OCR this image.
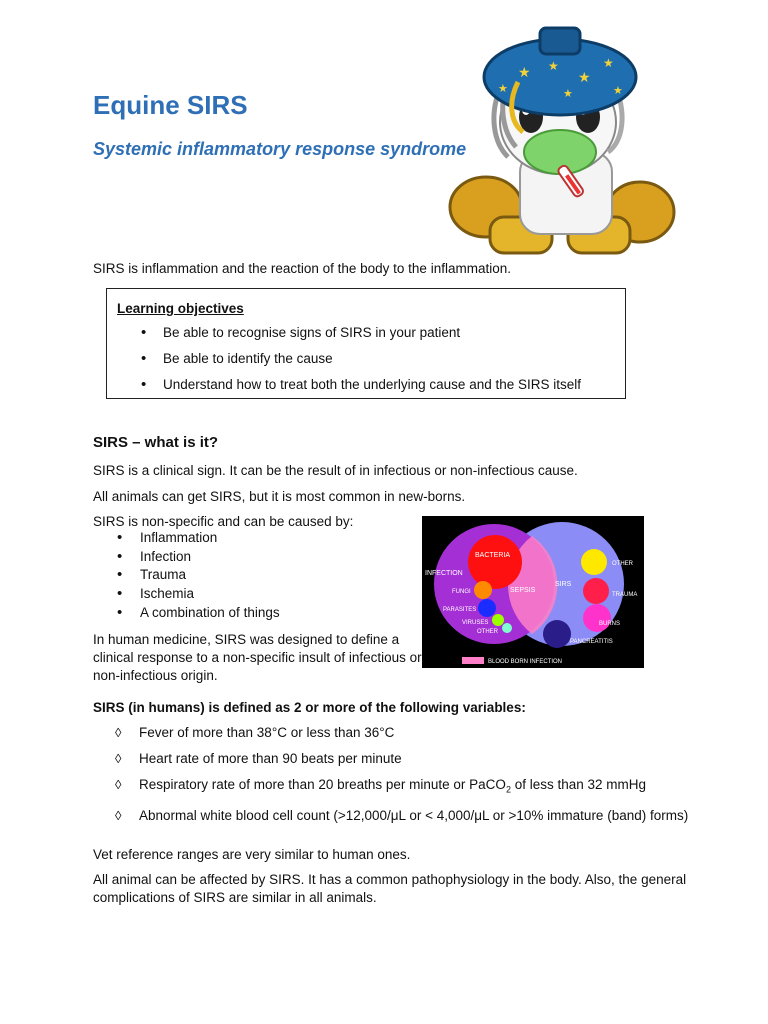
Equine SIRS
Systemic inflammatory response syndrome
★ ★
★
★
★	★	★

SIRS is inflammation and the reaction of the body to the inflammation.

Learning objectives

• Be able to recognise signs of SIRS in your patient
• Be able to identify the cause
• Understand how to treat both the underlying cause and the SIRS itself
SIRS – what is it?

SIRS is a clinical sign. It can be the result of in infectious or non-infectious cause.

All animals can get SIRS, but it is most common in new-borns.

SIRS is non-specific and can be caused by:

• Inflammation
• Infection
• Trauma
• Ischemia
• A combination of things

In human medicine, SIRS was designed to define a clinical response to a non-specific insult of infectious or non-infectious origin.

BACTERIA
INFECTION
FUNGI	SEPSIS
SIRS
PARASITES
VIRUSES
OTHER
OTHER
TRAUMA
BURNS
PANCREATITIS
BLOOD BORN INFECTION

SIRS (in humans) is defined as 2 or more of the following variables:

◊ Fever of more than 38°C or less than 36°C
◊ Heart rate of more than 90 beats per minute
◊ Respiratory rate of more than 20 breaths per minute or PaCO$_2$ of less than 32 mmHg
◊ Abnormal white blood cell count (>12,000/μL or < 4,000/μL or >10% immature (band) forms)

Vet reference ranges are very similar to human ones.

All animal can be affected by SIRS. It has a common pathophysiology in the body. Also, the general complications of SIRS are similar in all animals.
